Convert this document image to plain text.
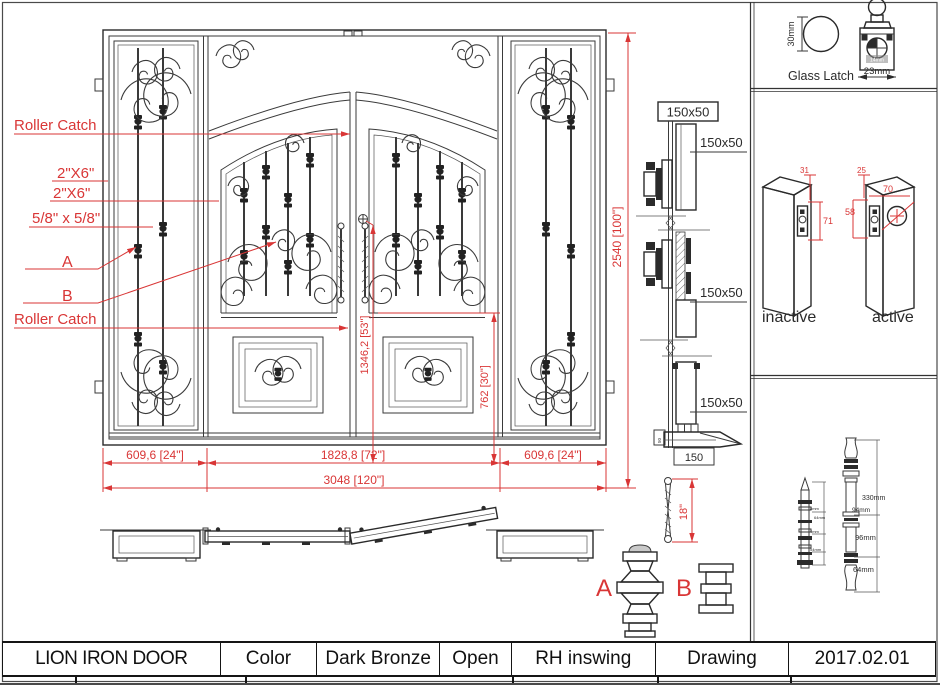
Roller Catch
2"X6"
2"X6"
5/8" x 5/8"
A
B
Roller Catch
609,6 [24"]	1828,8 [72"]	609,6 [24"]
3048 [120"]
2540 [100"]
1346,2 [53"]
762 [30"]
150x50
150x50
150x50
150x50
50
150
18"
A	B
30mm
Glass Latch
14mm
23mm
31
71
inactive
25
58
70
active
4mm
64mm
4mm
54mm
330mm
94mm
96mm
64mm
LION IRON DOOR	Color	Dark Bronze	Open	RH inswing	Drawing	2017.02.01
